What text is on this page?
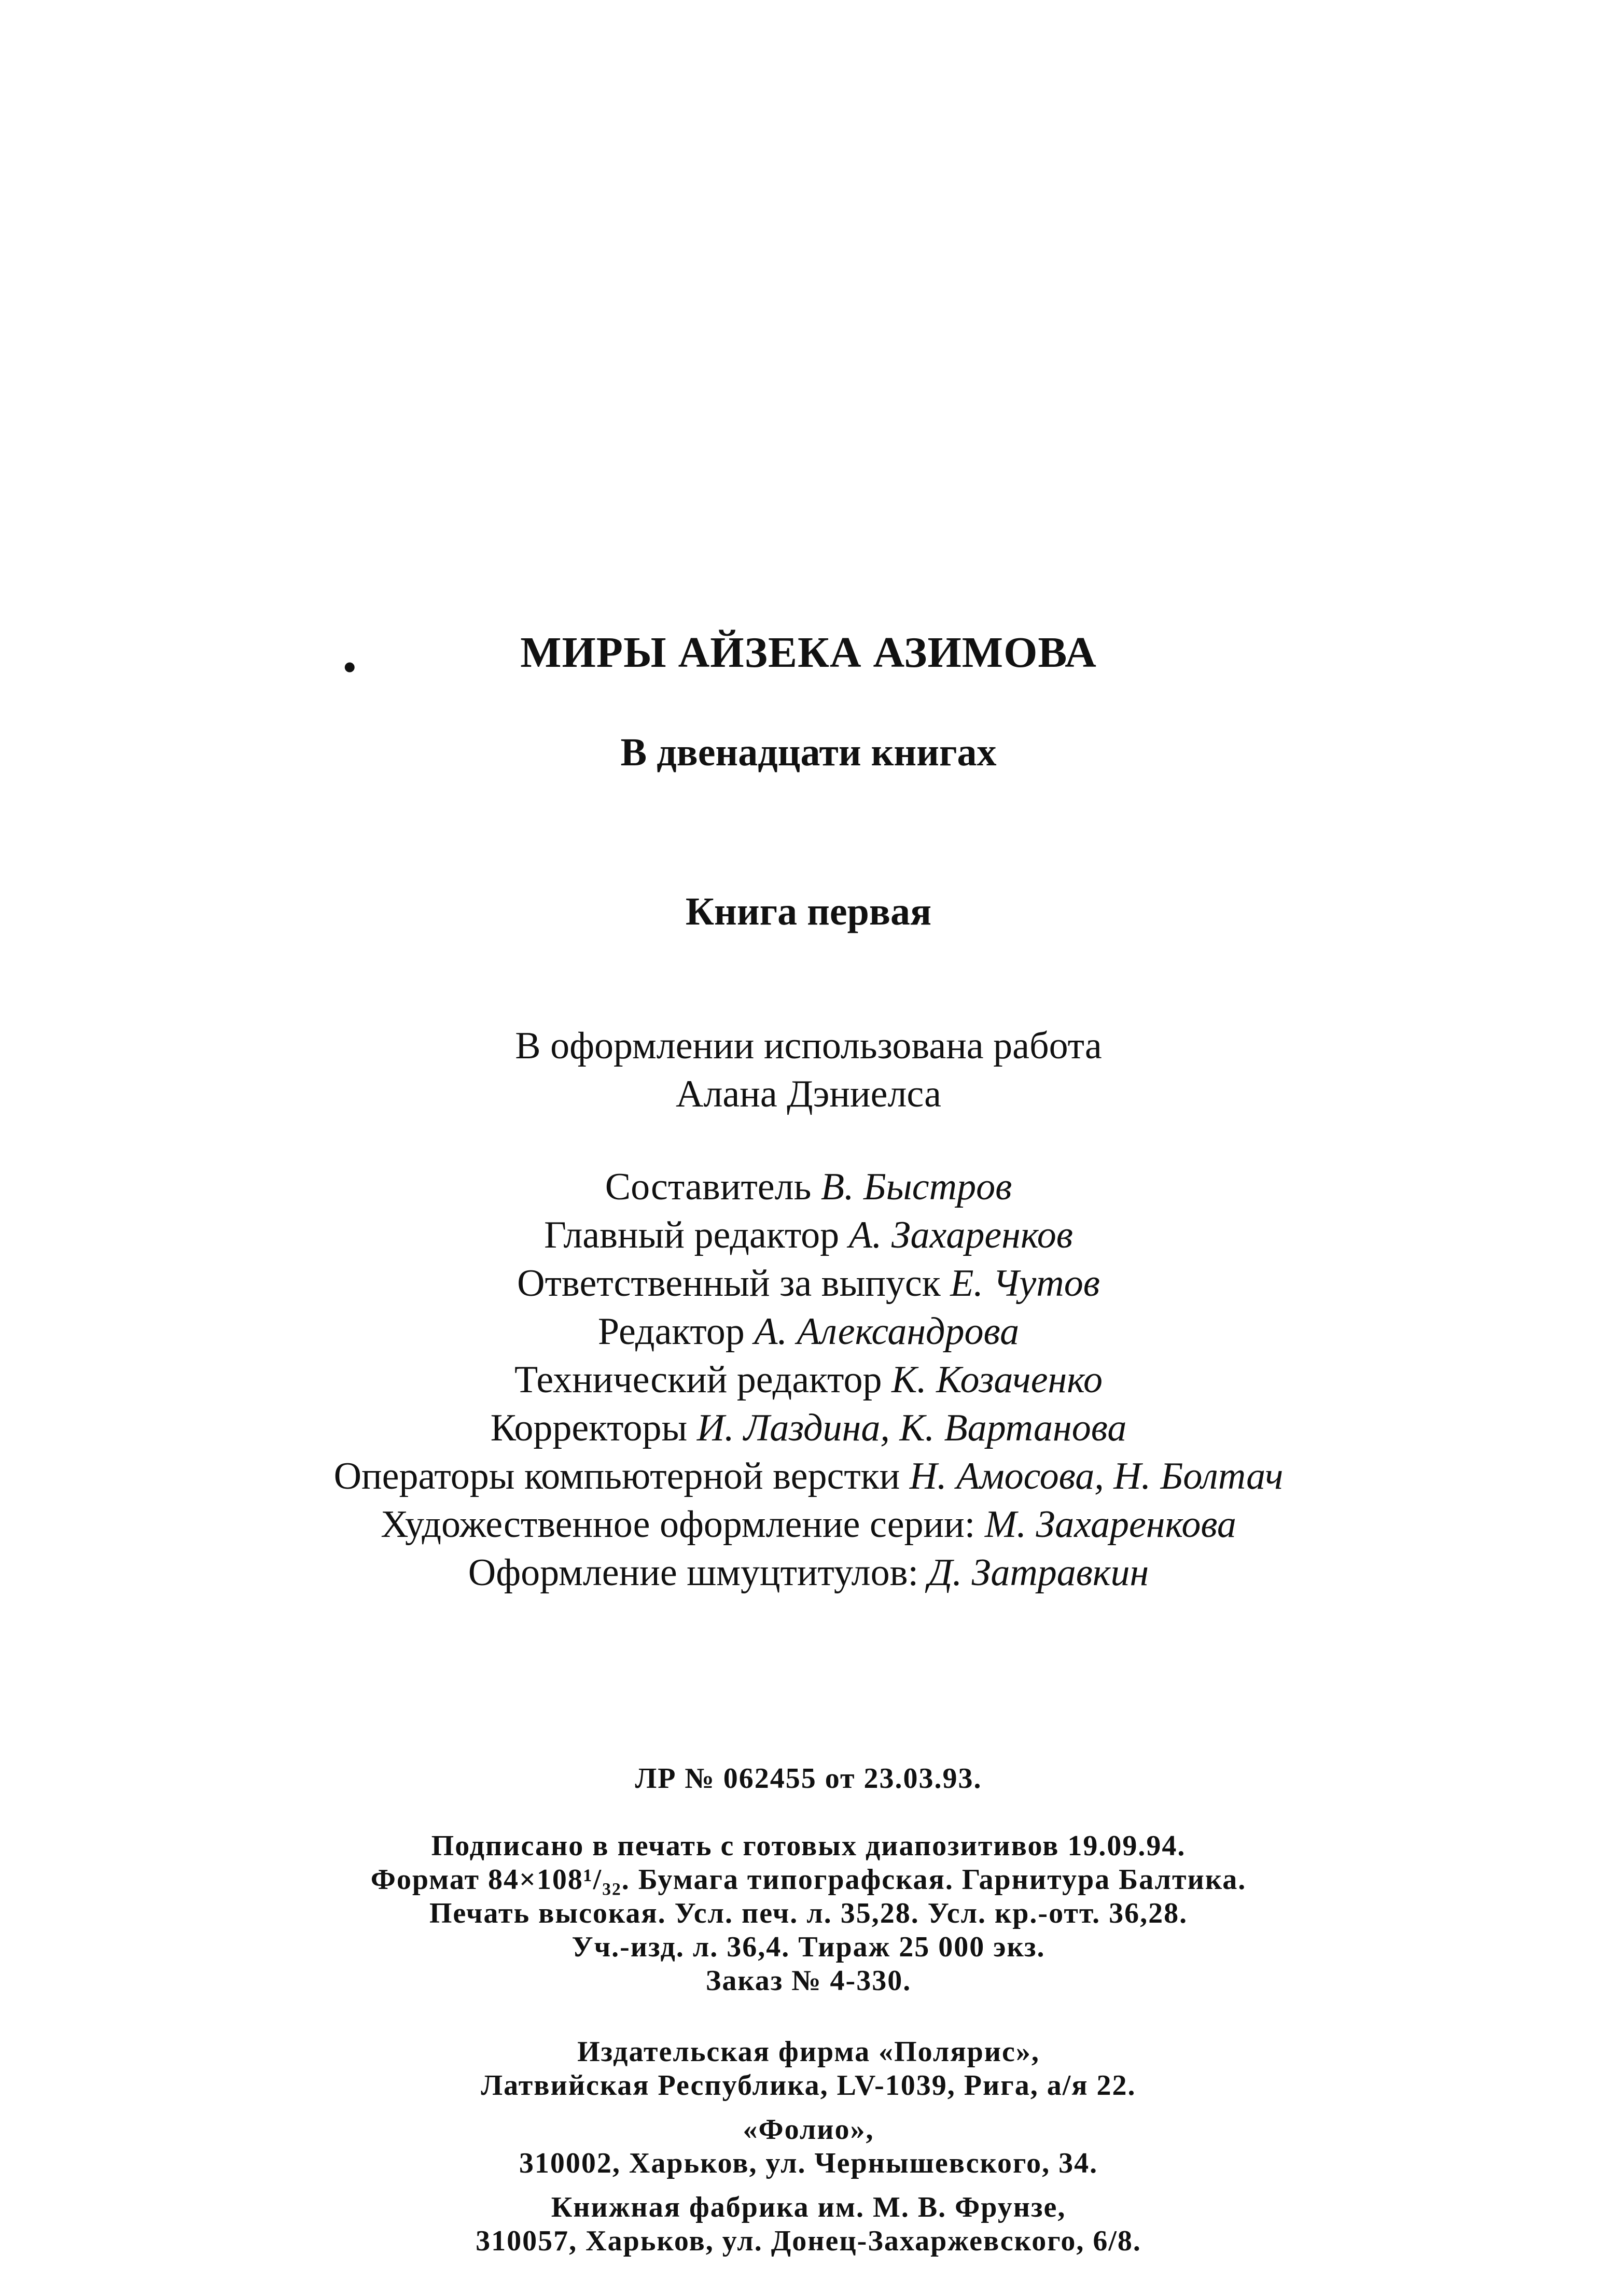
•	МИРЫ АЙЗЕКА АЗИМОВА
В двенадцати книгах
Книга первая
В оформлении использована работа
Алана Дэниелса
Составитель В. Быстров
Главный редактор А. Захаренков
Ответственный за выпуск Е. Чутов
Редактор А. Александрова
Технический редактор К. Козаченко
Корректоры И. Лаздина, К. Вартанова
Операторы компьютерной верстки Н. Амосова, Н. Болтач
Художественное оформление серии: М. Захаренкова
Оформление шмуцтитулов: Д. Затравкин
ЛР № 062455 от 23.03.93.
Подписано в печать с готовых диапозитивов 19.09.94.
Формат 84×108¹/₃₂. Бумага типографская. Гарнитура Балтика.
Печать высокая. Усл. печ. л. 35,28. Усл. кр.-отт. 36,28.
Уч.-изд. л. 36,4. Тираж 25 000 экз.
Заказ № 4-330.
Издательская фирма «Полярис»,
Латвийская Республика, LV-1039, Рига, а/я 22.
«Фолио»,
310002, Харьков, ул. Чернышевского, 34.
Книжная фабрика им. М. В. Фрунзе,
310057, Харьков, ул. Донец-Захаржевского, 6/8.
